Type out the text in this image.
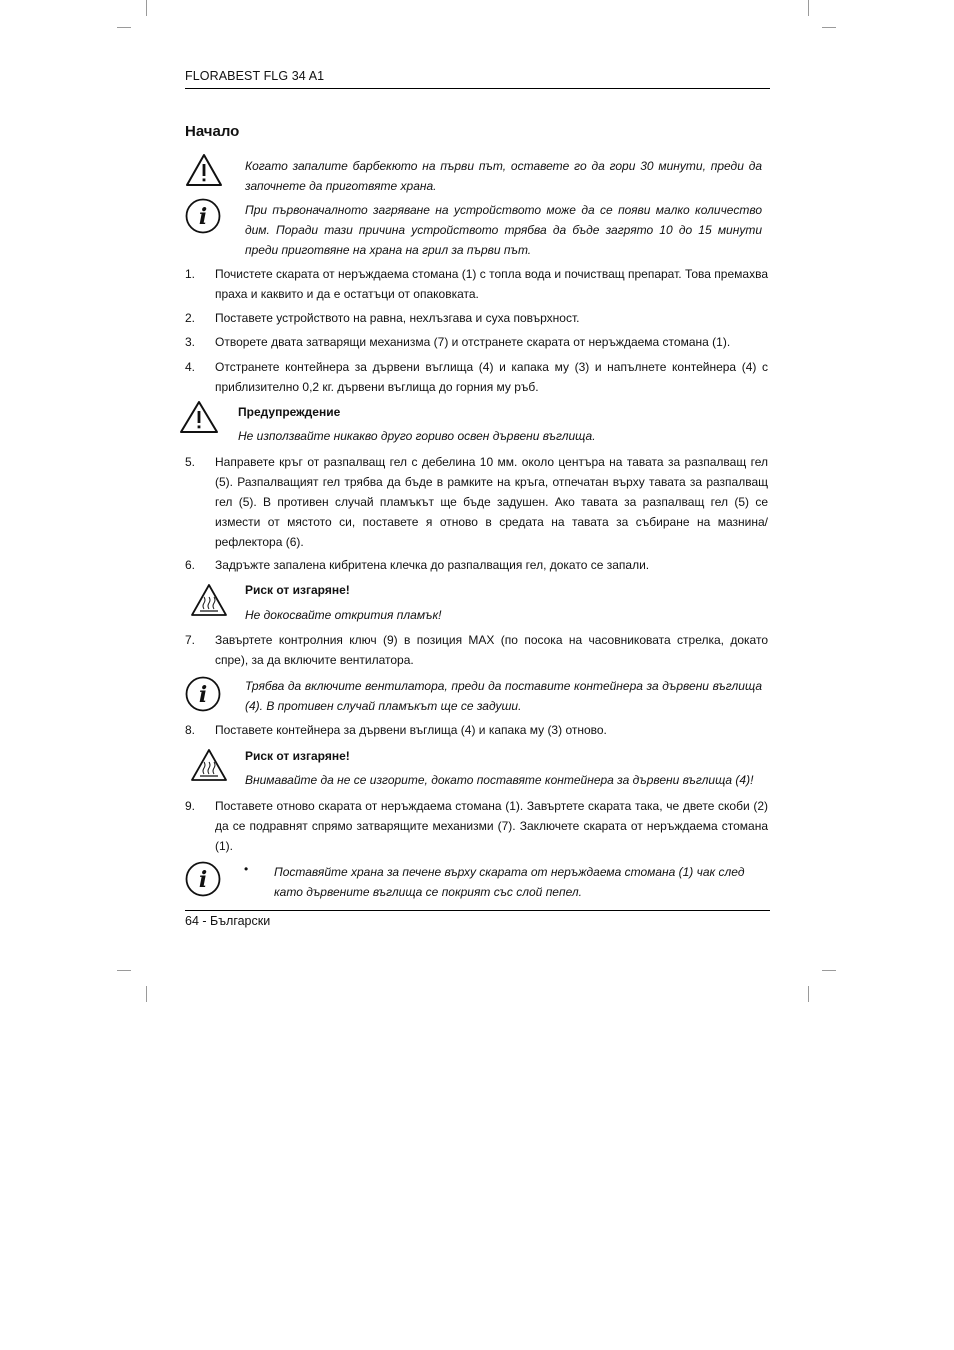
FLORABEST FLG 34 A1
Начало
Когато запалите барбекюто на първи път, оставете го да гори 30 минути, преди да започнете да приготвяте храна.
i	При първоначалното загряване на устройството може да се появи малко количество дим. Поради тази причина устройството трябва да бъде загрято 10 до 15 минути преди приготвяне на храна на грил за първи път.
1.	Почистете скарата от неръждаема стомана (1) с топла вода и почистващ препарат. Това премахва праха и каквито и да е остатъци от опаковката.
2.	Поставете устройството на равна, нехлъзгава и суха повърхност.
3.	Отворете двата затварящи механизма (7) и отстранете скарата от неръждаема стомана (1).
4.	Отстранете контейнера за дървени въглища (4) и капака му (3) и напълнете контейнера (4) с приблизително 0,2 кг. дървени въглища до горния му ръб.
Предупреждение
Не използвайте никакво друго гориво освен дървени въглища.
5.	Направете кръг от разпалващ гел с дебелина 10 мм. около центъра на тавата за разпалващ гел (5). Разпалващият гел трябва да бъде в рамките на кръга, отпечатан върху тавата за разпалващ гел (5). В противен случай пламъкът ще бъде задушен. Ако тавата за разпалващ гел (5) се измести от мястото си, поставете я отново в средата на тавата за събиране на мазнина/рефлектора (6).
6.	Задръжте запалена кибритена клечка до разпалващия гел, докато се запали.
Риск от изгаряне!
Не докосвайте открития пламък!
7.	Завъртете контролния ключ (9) в позиция MAX (по посока на часовниковата стрелка, докато спре), за да включите вентилатора.
i	Трябва да включите вентилатора, преди да поставите контейнера за дървени въглища (4). В противен случай пламъкът ще се задуши.
8.	Поставете контейнера за дървени въглища (4) и капака му (3) отново.
Риск от изгаряне!
Внимавайте да не се изгорите, докато поставяте контейнера за дървени въглища (4)!
9.	Поставете отново скарата от неръждаема стомана (1). Завъртете скарата така, че двете скоби (2) да се подравнят спрямо затварящите механизми (7). Заключете скарата от неръждаема стомана (1).
i	• Поставяйте храна за печене върху скарата от неръждаема стомана (1) чак след като дървените въглища се покрият със слой пепел.
64 - Български
